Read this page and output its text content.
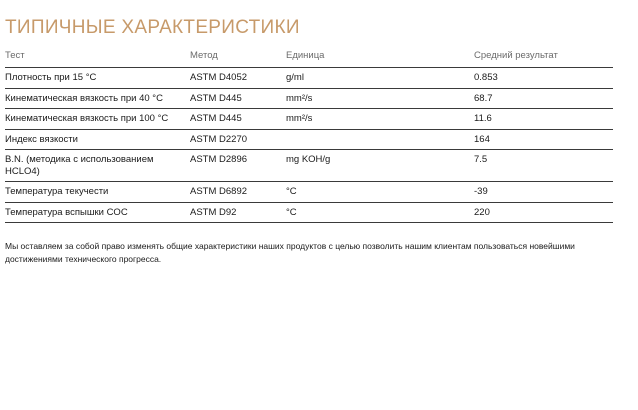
ТИПИЧНЫЕ ХАРАКТЕРИСТИКИ
Тест	Метод	Единица	Средний результат
Плотность при 15 °C	ASTM D4052	g/ml	0.853
Кинематическая вязкость при 40 °C	ASTM D445	mm²/s	68.7
Кинематическая вязкость при 100 °C	ASTM D445	mm²/s	11.6
Индекс вязкости	ASTM D2270		164
B.N. (методика с использованием HCLO4)	ASTM D2896	mg KOH/g	7.5
Температура текучести	ASTM D6892	°C	-39
Температура вспышки COC	ASTM D92	°C	220

Мы оставляем за собой право изменять общие характеристики наших продуктов с целью позволить нашим клиентам пользоваться новейшими достижениями технического прогресса.
